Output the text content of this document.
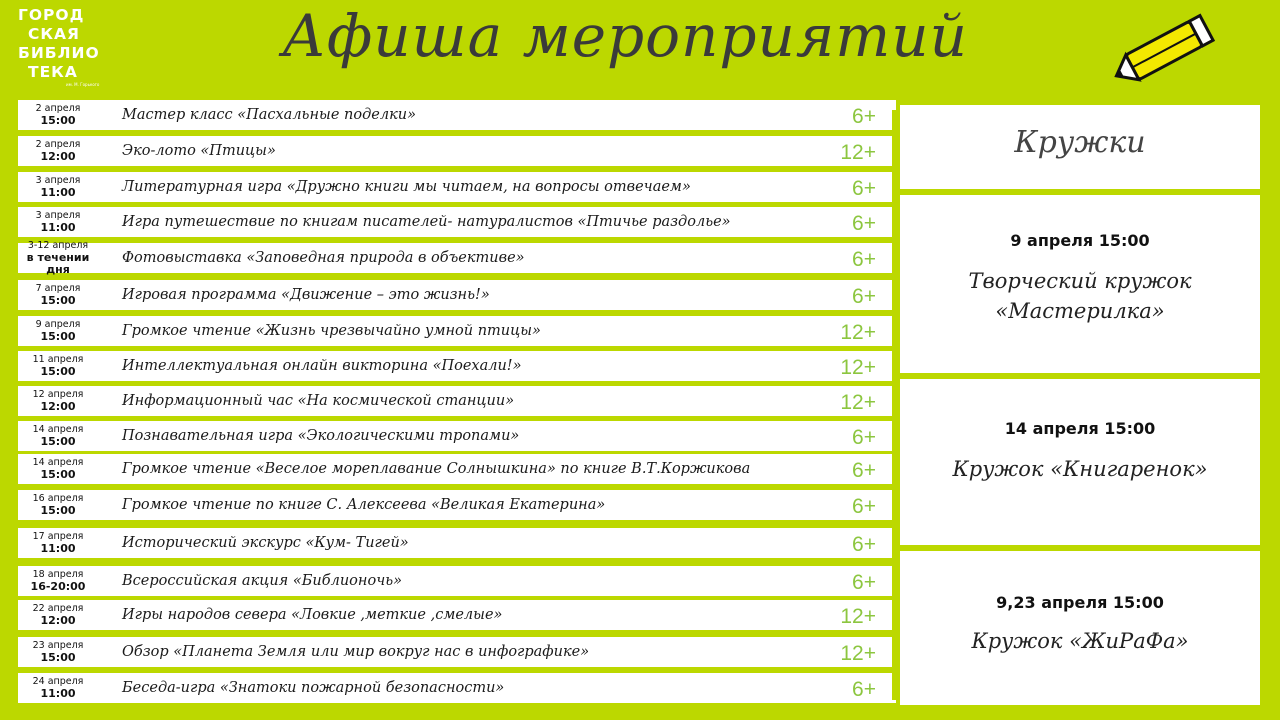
ГОРОД
СКАЯ
БИБЛИО
ТЕКА
им. М. Горького
Афиша мероприятий
2 апреля
15:00	Мастер класс «Пасхальные поделки»	6+
2 апреля
12:00	Эко-лото «Птицы»	12+
3 апреля
11:00	Литературная игра «Дружно книги мы читаем, на вопросы отвечаем»	6+
3 апреля
11:00	Игра путешествие по книгам писателей- натуралистов «Птичье раздолье»	6+
3-12 апреля
в течении дня
Фотовыставка «Заповедная природа в объективе»	6+
7 апреля
15:00	Игровая программа «Движение – это жизнь!»	6+
9 апреля
15:00	Громкое чтение «Жизнь чрезвычайно умной птицы»	12+
11 апреля
15:00	Интеллектуальная онлайн викторина «Поехали!»	12+
12 апреля
12:00	Информационный час «На космической станции»	12+
14 апреля
15:00	Познавательная игра «Экологическими тропами»	6+
14 апреля
15:00	Громкое чтение «Веселое мореплавание Солнышкина» по книге В.Т.Коржикова	6+
16 апреля
15:00	Громкое чтение по книге С. Алексеева «Великая Екатерина»	6+
17 апреля
11:00	Исторический экскурс «Кум- Тигей»	6+
18 апреля
16-20:00	Всероссийская акция «Библионочь»	6+
22 апреля
12:00	Игры народов севера «Ловкие ,меткие ,смелые»	12+
23 апреля
15:00	Обзор «Планета Земля или мир вокруг нас в инфографике»	12+
24 апреля
11:00	Беседа-игра «Знатоки пожарной безопасности»	6+
Кружки
9 апреля 15:00
Творческий кружок
«Мастерилка»
14 апреля 15:00
Кружок «Книгаренок»
9,23 апреля 15:00
Кружок «ЖиРаФа»
